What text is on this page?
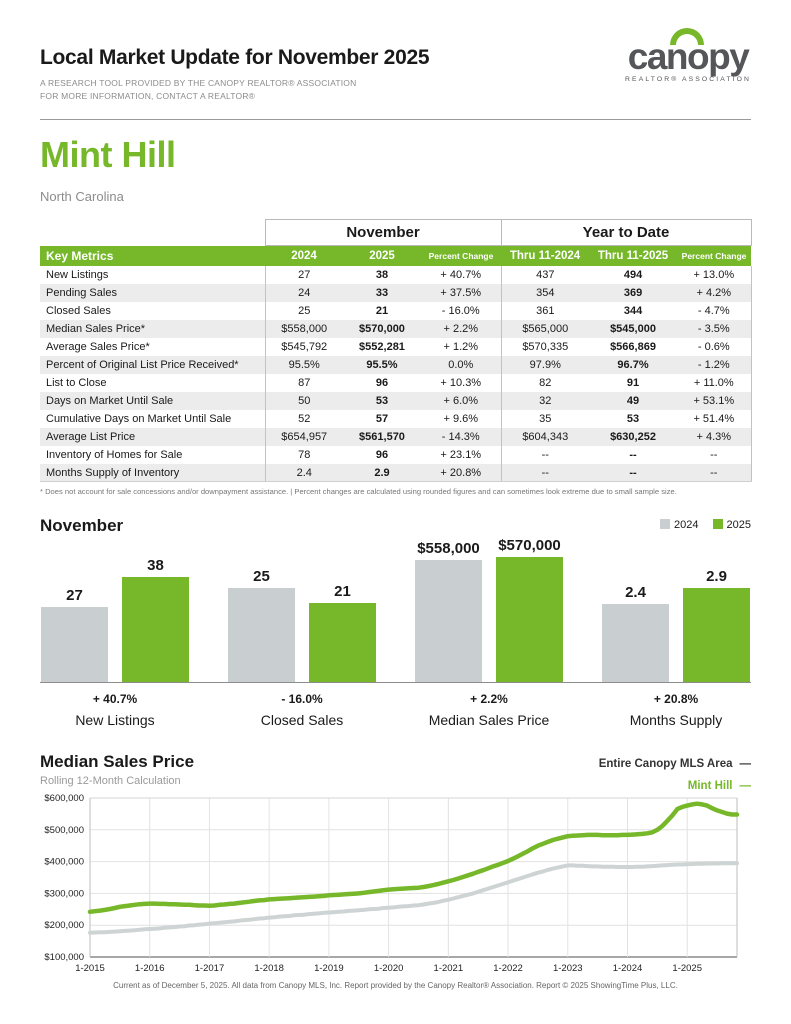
Local Market Update for November 2025
A RESEARCH TOOL PROVIDED BY THE CANOPY REALTOR® ASSOCIATION
FOR MORE INFORMATION, CONTACT A REALTOR®
canopy
REALTOR® ASSOCIATION
Mint Hill
North Carolina
	November			Year to Date		
Key Metrics	2024	2025	Percent Change	Thru 11-2024	Thru 11-2025	Percent Change
New Listings	27	38	+ 40.7%	437	494	+ 13.0%
Pending Sales	24	33	+ 37.5%	354	369	+ 4.2%
Closed Sales	25	21	- 16.0%	361	344	- 4.7%
Median Sales Price*	$558,000	$570,000	+ 2.2%	$565,000	$545,000	- 3.5%
Average Sales Price*	$545,792	$552,281	+ 1.2%	$570,335	$566,869	- 0.6%
Percent of Original List Price Received*	95.5%	95.5%	0.0%	97.9%	96.7%	- 1.2%
List to Close	87	96	+ 10.3%	82	91	+ 11.0%
Days on Market Until Sale	50	53	+ 6.0%	32	49	+ 53.1%
Cumulative Days on Market Until Sale	52	57	+ 9.6%	35	53	+ 51.4%
Average List Price	$654,957	$561,570	- 14.3%	$604,343	$630,252	+ 4.3%
Inventory of Homes for Sale	78	96	+ 23.1%	--	--	--
Months Supply of Inventory	2.4	2.9	+ 20.8%	--	--	--
* Does not account for sale concessions and/or downpayment assistance. | Percent changes are calculated using rounded figures and can sometimes look extreme due to small sample size.
November	2024	2025
27
38
25
21
$558,000 $570,000
2.4
2.9
+ 40.7%
New Listings
- 16.0%
Closed Sales
+ 2.2%
Median Sales Price
+ 20.8%
Months Supply
Median Sales Price
Rolling 12-Month Calculation
Entire Canopy MLS Area —
Mint Hill —
$100,000
$200,000
$300,000
$400,000
$500,000
$600,000
1-2015	1-2016	1-2017	1-2018	1-2019	1-2020	1-2021	1-2022	1-2023	1-2024	1-2025
Current as of December 5, 2025. All data from Canopy MLS, Inc. Report provided by the Canopy Realtor® Association. Report © 2025 ShowingTime Plus, LLC.
